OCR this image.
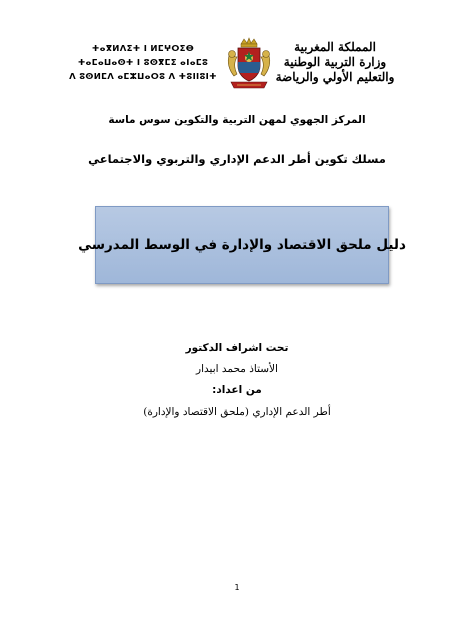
ⵜⴰⴳⵍⴷⵉⵜ ⵏ ⵍⵎⵖⵔⵉⴱ
ⵜⴰⵎⴰⵡⴰⵙⵜ ⵏ ⵓⵙⴳⵎⵉ ⴰⵏⴰⵎⵓ
ⴷ ⵓⵙⵍⵎⴷ ⴰⵎⵣⵡⴰⵔⵓ ⴷ ⵜⵓⵏⵏⵓⵏⵜ
المملكة المغربية
وزارة التربية الوطنية
والتعليم الأولي والرياضة
المركز الجهوي لمهن التربية والتكوين سوس ماسة
مسلك تكوين أطر الدعم الإداري والتربوي والاجتماعي
دليل ملحق الاقتصاد والإدارة في الوسط المدرسي
تحت اشراف الدكتور
الأستاذ محمد ابيدار
من اعداد:
أطر الدعم الإداري (ملحق الاقتصاد والإدارة)
1
